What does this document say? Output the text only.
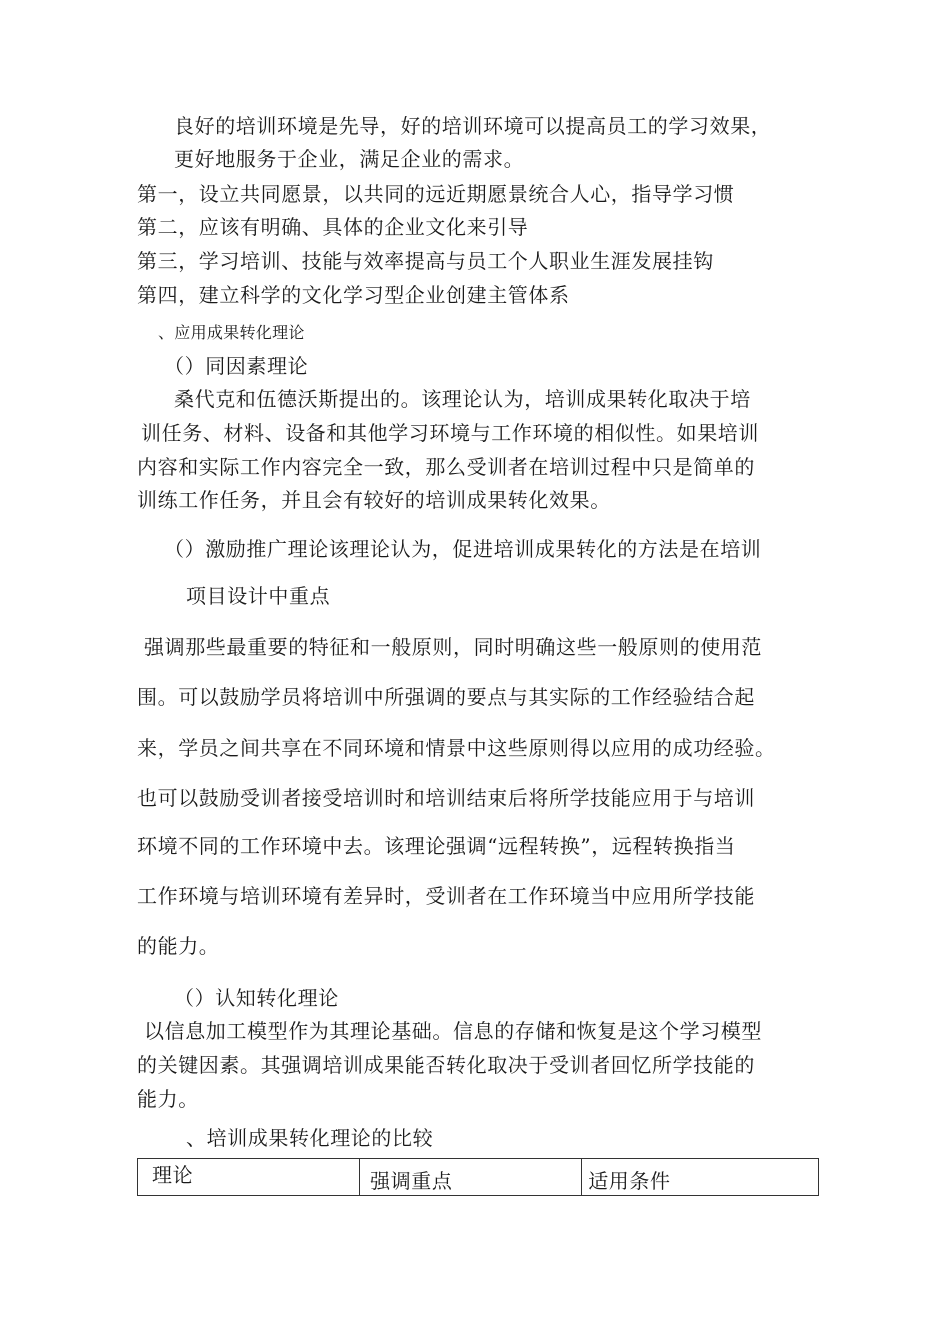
良好的培训环境是先导，好的培训环境可以提高员工的学习效果，
更好地服务于企业，满足企业的需求。
第一，设立共同愿景，以共同的远近期愿景统合人心，指导学习惯
第二，应该有明确、具体的企业文化来引导
第三，学习培训、技能与效率提高与员工个人职业生涯发展挂钩
第四，建立科学的文化学习型企业创建主管体系
、应用成果转化理论
（）同因素理论
桑代克和伍德沃斯提出的。该理论认为，培训成果转化取决于培
训任务、材料、设备和其他学习环境与工作环境的相似性。如果培训
内容和实际工作内容完全一致，那么受训者在培训过程中只是简单的
训练工作任务，并且会有较好的培训成果转化效果。
（）激励推广理论该理论认为，促进培训成果转化的方法是在培训
项目设计中重点
强调那些最重要的特征和一般原则，同时明确这些一般原则的使用范
围。可以鼓励学员将培训中所强调的要点与其实际的工作经验结合起
来，学员之间共享在不同环境和情景中这些原则得以应用的成功经验。
也可以鼓励受训者接受培训时和培训结束后将所学技能应用于与培训
环境不同的工作环境中去。该理论强调“远程转换”，远程转换指当
工作环境与培训环境有差异时，受训者在工作环境当中应用所学技能
的能力。
（）认知转化理论
以信息加工模型作为其理论基础。信息的存储和恢复是这个学习模型
的关键因素。其强调培训成果能否转化取决于受训者回忆所学技能的
能力。
、培训成果转化理论的比较
理论	强调重点	适用条件
